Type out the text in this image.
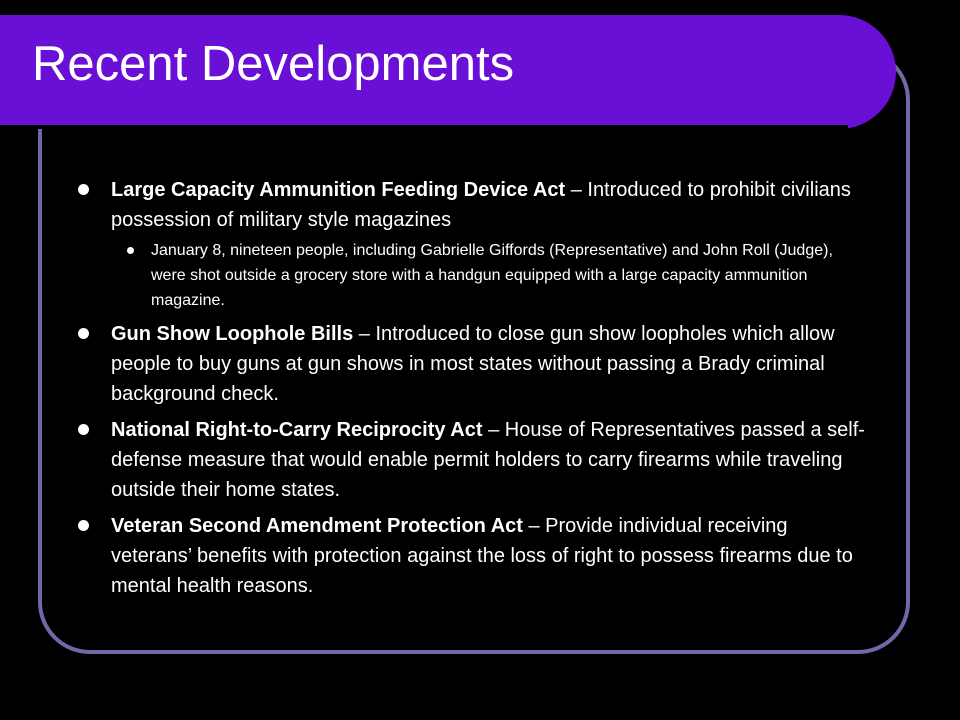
Recent Developments
Large Capacity Ammunition Feeding Device Act – Introduced to prohibit civilians possession of military style magazines
January 8, nineteen people, including Gabrielle Giffords (Representative) and John Roll (Judge), were shot outside a grocery store with a handgun equipped with a large capacity ammunition magazine.
Gun Show Loophole Bills – Introduced to close gun show loopholes which allow people to buy guns at gun shows in most states without passing a Brady criminal background check.
National Right-to-Carry Reciprocity Act – House of Representatives passed a self-defense measure that would enable permit holders to carry firearms while traveling outside their home states.
Veteran Second Amendment Protection Act – Provide individual receiving veterans’ benefits with protection against the loss of right to possess firearms due to mental health reasons.
